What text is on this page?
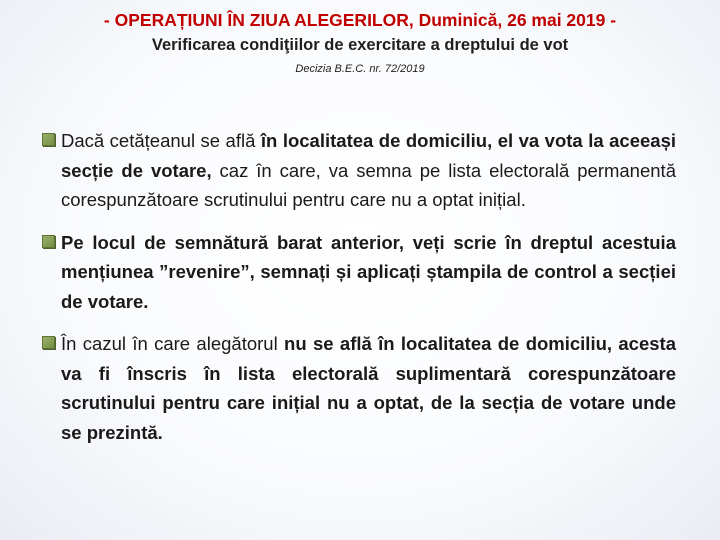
- OPERAȚIUNI ÎN ZIUA ALEGERILOR, Duminică, 26 mai 2019 -
Verificarea condiţiilor de exercitare a dreptului de vot
Decizia B.E.C. nr. 72/2019
Dacă cetățeanul se află în localitatea de domiciliu, el va vota la aceeași secție de votare, caz în care, va semna pe lista electorală permanentă corespunzătoare scrutinului pentru care nu a optat inițial.
Pe locul de semnătură barat anterior, veți scrie în dreptul acestuia mențiunea ”revenire”, semnați și aplicați ștampila de control a secției de votare.
În cazul în care alegătorul nu se află în localitatea de domiciliu, acesta va fi înscris în lista electorală suplimentară corespunzătoare scrutinului pentru care inițial nu a optat, de la secția de votare unde se prezintă.
